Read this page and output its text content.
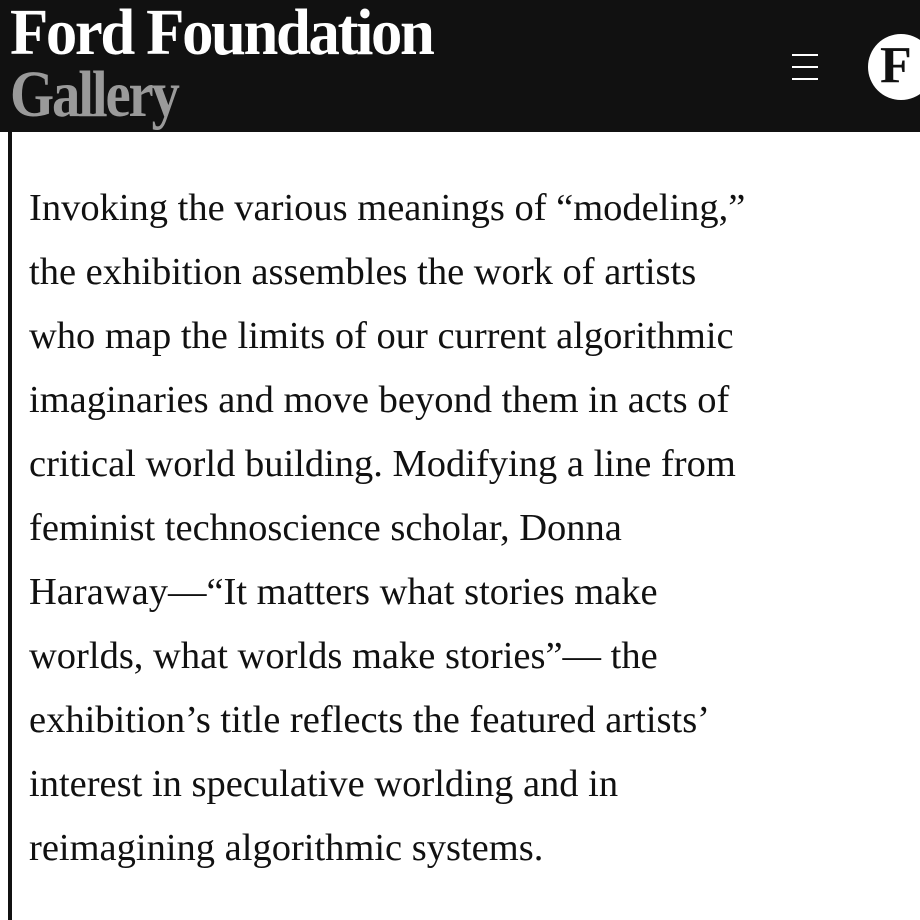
Ford Foundation
Gallery	F

Invoking the various meanings of “modeling,”
the exhibition assembles the work of artists
who map the limits of our current algorithmic
imaginaries and move beyond them in acts of
critical world building. Modifying a line from
feminist technoscience scholar, Donna
Haraway—“It matters what stories make
worlds, what worlds make stories”— the
exhibition’s title reflects the featured artists’
interest in speculative worlding and in
reimagining algorithmic systems.
